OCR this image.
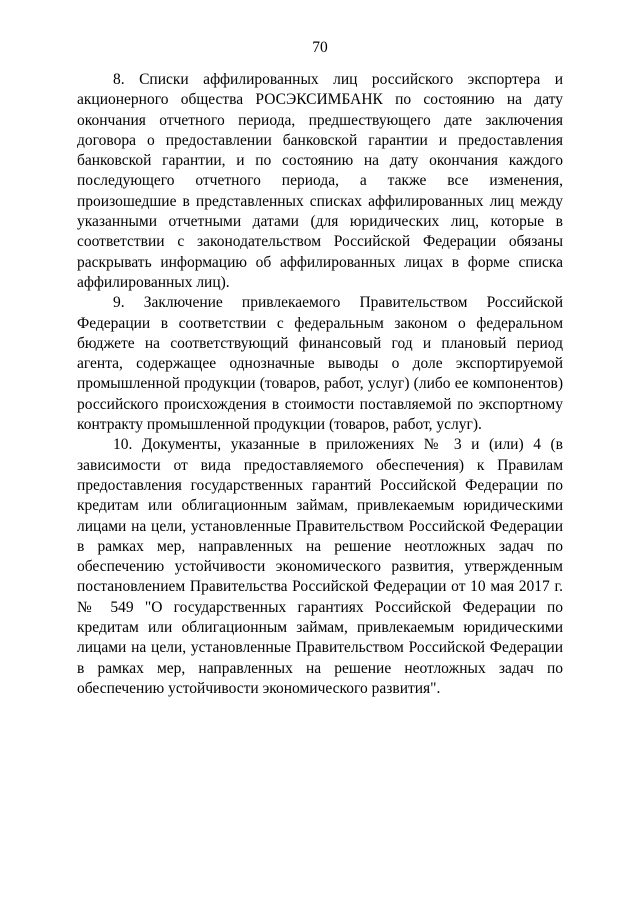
70

8. Списки аффилированных лиц российского экспортера и акционерного общества РОСЭКСИМБАНК по состоянию на дату окончания отчетного периода, предшествующего дате заключения договора о предоставлении банковской гарантии и предоставления банковской гарантии, и по состоянию на дату окончания каждого последующего отчетного периода, а также все изменения, произошедшие в представленных списках аффилированных лиц между указанными отчетными датами (для юридических лиц, которые в соответствии с законодательством Российской Федерации обязаны раскрывать информацию об аффилированных лицах в форме списка аффилированных лиц).

9. Заключение привлекаемого Правительством Российской Федерации в соответствии с федеральным законом о федеральном бюджете на соответствующий финансовый год и плановый период агента, содержащее однозначные выводы о доле экспортируемой промышленной продукции (товаров, работ, услуг) (либо ее компонентов) российского происхождения в стоимости поставляемой по экспортному контракту промышленной продукции (товаров, работ, услуг).

10. Документы, указанные в приложениях № 3 и (или) 4 (в зависимости от вида предоставляемого обеспечения) к Правилам предоставления государственных гарантий Российской Федерации по кредитам или облигационным займам, привлекаемым юридическими лицами на цели, установленные Правительством Российской Федерации в рамках мер, направленных на решение неотложных задач по обеспечению устойчивости экономического развития, утвержденным постановлением Правительства Российской Федерации от 10 мая 2017 г. № 549 "О государственных гарантиях Российской Федерации по кредитам или облигационным займам, привлекаемым юридическими лицами на цели, установленные Правительством Российской Федерации в рамках мер, направленных на решение неотложных задач по обеспечению устойчивости экономического развития".
